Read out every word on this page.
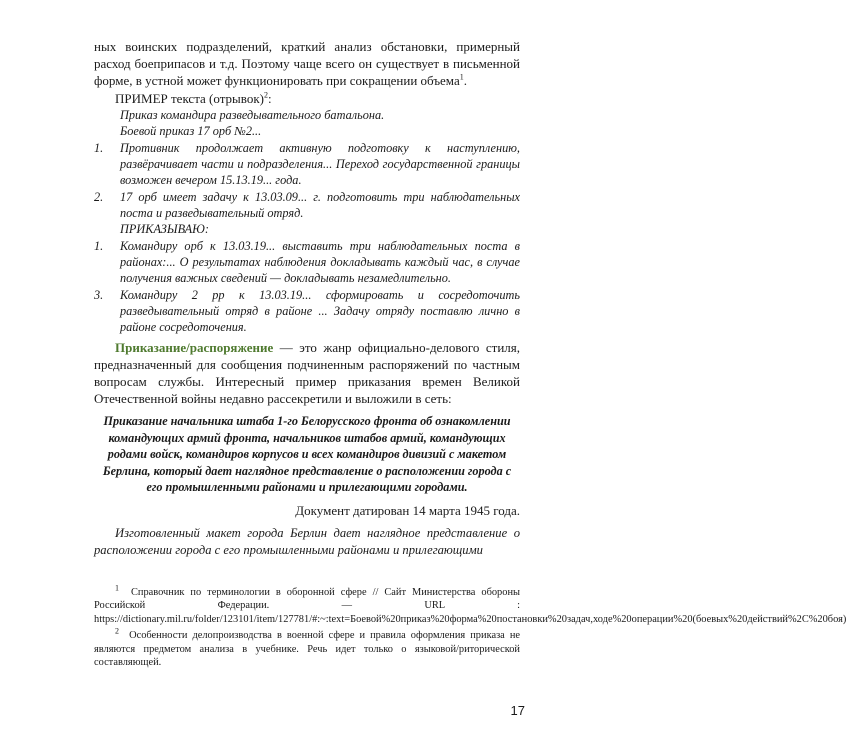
ных воинских подразделений, краткий анализ обстановки, примерный расход боеприпасов и т.д. Поэтому чаще всего он существует в письменной форме, в устной может функционировать при сокращении объема$^1$.

ПРИМЕР текста (отрывок)$^2$:

Приказ командира разведывательного батальона.

Боевой приказ 17 орб №2...

1.	Противник продолжает активную подготовку к наступлению, развёрачивает части и подразделения... Переход государственной границы возможен вечером 15.13.19... года.
2.	17 орб имеет задачу к 13.03.09... г. подготовить три наблюдательных поста и разведывательный отряд.

ПРИКАЗЫВАЮ:

1.	Командиру орб к 13.03.19... выставить три наблюдательных поста в районах:... О результатах наблюдения докладывать каждый час, в случае получения важных сведений — докладывать незамедлительно.
3.	Командиру 2 рр к 13.03.19... сформировать и сосредоточить разведывательный отряд в районе ... Задачу отряду поставлю лично в районе сосредоточения.

Приказание/распоряжение — это жанр официально-делового стиля, предназначенный для сообщения подчиненным распоряжений по частным вопросам службы. Интересный пример приказания времен Великой Отечественной войны недавно рассекретили и выложили в сеть:

Приказание начальника штаба 1-го Белорусского фронта об ознакомлении командующих армий фронта, начальников штабов армий, командующих родами войск, командиров корпусов и всех командиров дивизий с макетом Берлина, который дает наглядное представление о расположении города с его промышленными районами и прилегающими городами.

Документ датирован 14 марта 1945 года.

Изготовленный макет города Берлин дает наглядное представление о расположении города с его промышленными районами и прилегающими

$^1$ Справочник по терминологии в оборонной сфере // Сайт Министерства обороны Российской Федерации. — URL : https://dictionary.mil.ru/folder/123101/item/127781/#:~:text=Боевой%20приказ%20форма%20постановки%20задач,ходе%20операции%20(боевых%20действий%2C%20боя)

$^2$ Особенности делопроизводства в военной сфере и правила оформления приказа не являются предметом анализа в учебнике. Речь идет только о языковой/риторической составляющей.

17
